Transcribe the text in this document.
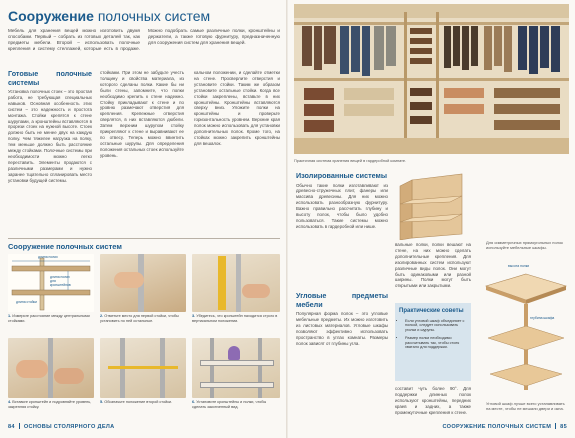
Сооружение полочных систем
Мебель для хранения вещей можно изготовить двумя способами. Первый – собрать из готовых деталей так, как предметы мебели. Второй – использовать полочные крепления и систему стеллажей, которые есть в продаже. Можно подобрать самые различные полки, кронштейны и держатели, а также готовую фурнитуру, предназначенную для сооружения систем для хранения вещей.
Готовые полочные системы
Установка полочных стоек – это простая работа, не требующая специальных навыков. Основная особенность этих систем – это надежность и простота монтажа. Стойки крепятся к стене шурупами, а кронштейны вставляются в прорези стоек на нужной высоте. Стоек должно быть не менее двух на каждую полку. Чем тяжелее нагрузка на полку, тем меньше должно быть расстояние между стойками. Полочные системы при необходимости можно легко переставить. Элементы продаются с различными размерами и нужно заранее тщательно спланировать место установки будущей системы.
стойками. При этом не забудьте учесть толщину и свойства материала, из которого сделаны полки. Какие бы ни были стены, запомните, что полки необходимо крепить к стене надежно. Стойку прикладывают к стене и по уровню размечают отверстия для крепления. Крепежные отверстия сверлятся, в них вставляются дюбели. Затем верхним шурупом стойку прикрепляют к стене и выравнивают ее по отвесу. Теперь можно ввинтить остальные шурупы. Для определения положения остальных стоек используйте уровень.
кальном положении, и сделайте отметки на стене. Просверлите отверстия и установите стойки. Таким же образом установите остальные стойки. Когда все стойки закреплены, вставьте в них кронштейны. Кронштейны вставляются сверху вниз. Уложите полки на кронштейны и проверьте горизонтальность уровнем. Верхние края полок можно использовать для установки дополнительных полок. Кроме того, на стойках можно закрепить кронштейны для вешалок.
Сооружение полочных систем
длина полки
длина полки для кронштейнов
длина стойки
1. Измерьте расстояние между центральными стойками.
2. Отметьте место для первой стойки, чтобы установить по ней остальные.
3. Убедитесь, что кронштейн находится строго в вертикальном положении.
4. Вставьте кронштейн и подровняйте уровень, закрепляя стойку.
5. Обозначьте положение второй стойки.	6. Установите кронштейны и полки, чтобы сделать законченный вид.
84 ОСНОВЫ СТОЛЯРНОГО ДЕЛА
Практичная система хранения вещей в гардеробной комнате.
Изолированные системы
Обычно такие полки изготавливают из древесно-стружечных плит, фанеры или массива древесины. Для них можно использовать разнообразную фурнитуру. Важно правильно рассчитать глубину и высоту полок, чтобы было удобно пользоваться. Такие системы можно использовать в гардеробной или нише.
Угловые предметы мебели
Популярная форма полок – это угловые мебельные предметы. Их можно изготовить из листовых материалов. Угловые шкафы позволяют эффективно использовать пространство в углах комнаты. Размеры полок зависят от глубины угла.
вальные полки, полки вешают на стене, на них можно сделать дополнительные крепления. Для изолированных систем используют различные виды полок. Они могут быть одинаковыми или разной ширины. Полки могут быть открытыми или закрытыми.
составит чуть более 90°. Для поддержки длинных полок используют кронштейны, передних краев и задних, а также промежуточные крепления к стене.
Практические советы
• Если угловой шкаф объединяет с полкой, следует использовать уголки и шурупы.
• Размер полки необходимо рассчитывать так, чтобы стоек хватало для поддержки.
Для симметричных прямоугольных полок используйте мебельные шкафы.
высота полки
глубина шкафа
Угловой шкаф лучше всего устанавливать на месте, чтобы не мешали двери и окна.
СООРУЖЕНИЕ ПОЛОЧНЫХ СИСТЕМ 85
